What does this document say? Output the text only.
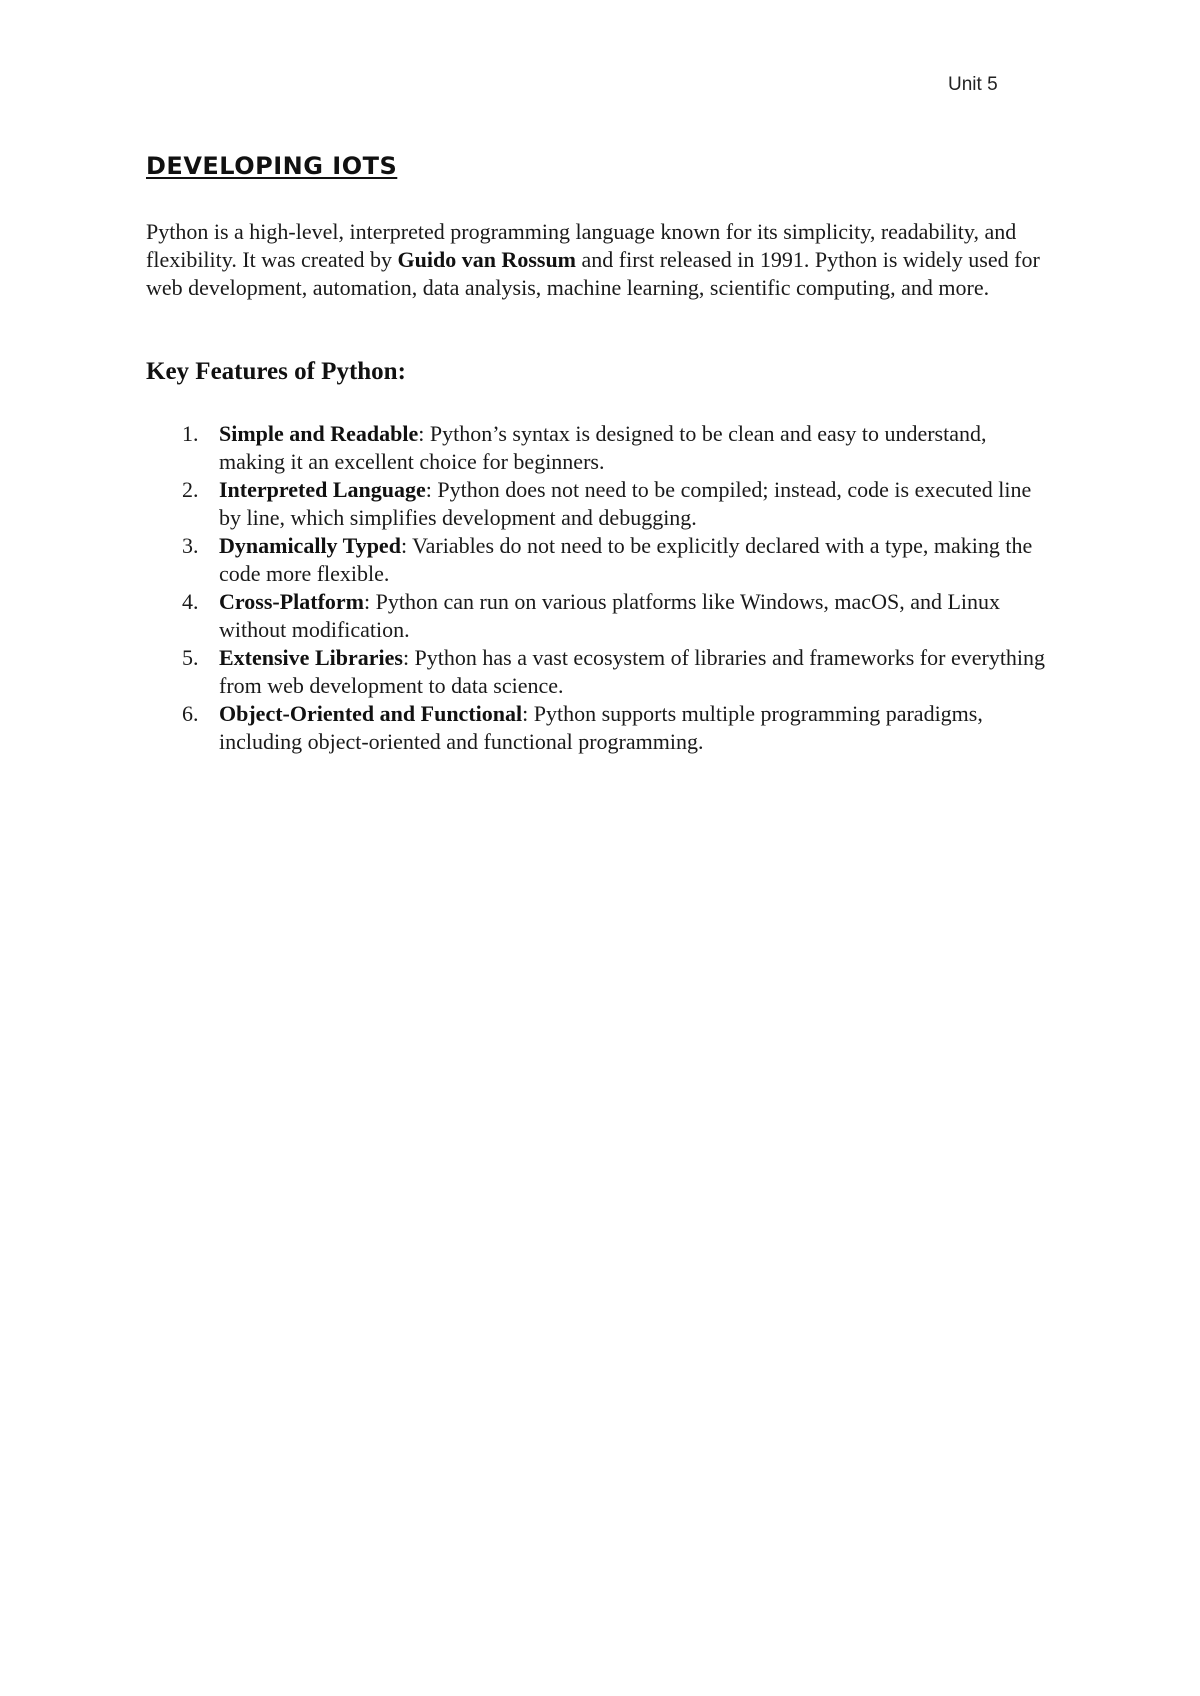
Unit 5
DEVELOPING IOTS

Python is a high-level, interpreted programming language known for its simplicity, readability, and flexibility. It was created by Guido van Rossum and first released in 1991. Python is widely used for web development, automation, data analysis, machine learning, scientific computing, and more.

Key Features of Python:
1. Simple and Readable: Python’s syntax is designed to be clean and easy to understand, making it an excellent choice for beginners.
2. Interpreted Language: Python does not need to be compiled; instead, code is executed line by line, which simplifies development and debugging.
3. Dynamically Typed: Variables do not need to be explicitly declared with a type, making the code more flexible.
4. Cross-Platform: Python can run on various platforms like Windows, macOS, and Linux without modification.
5. Extensive Libraries: Python has a vast ecosystem of libraries and frameworks for everything from web development to data science.
6. Object-Oriented and Functional: Python supports multiple programming paradigms, including object-oriented and functional programming.
